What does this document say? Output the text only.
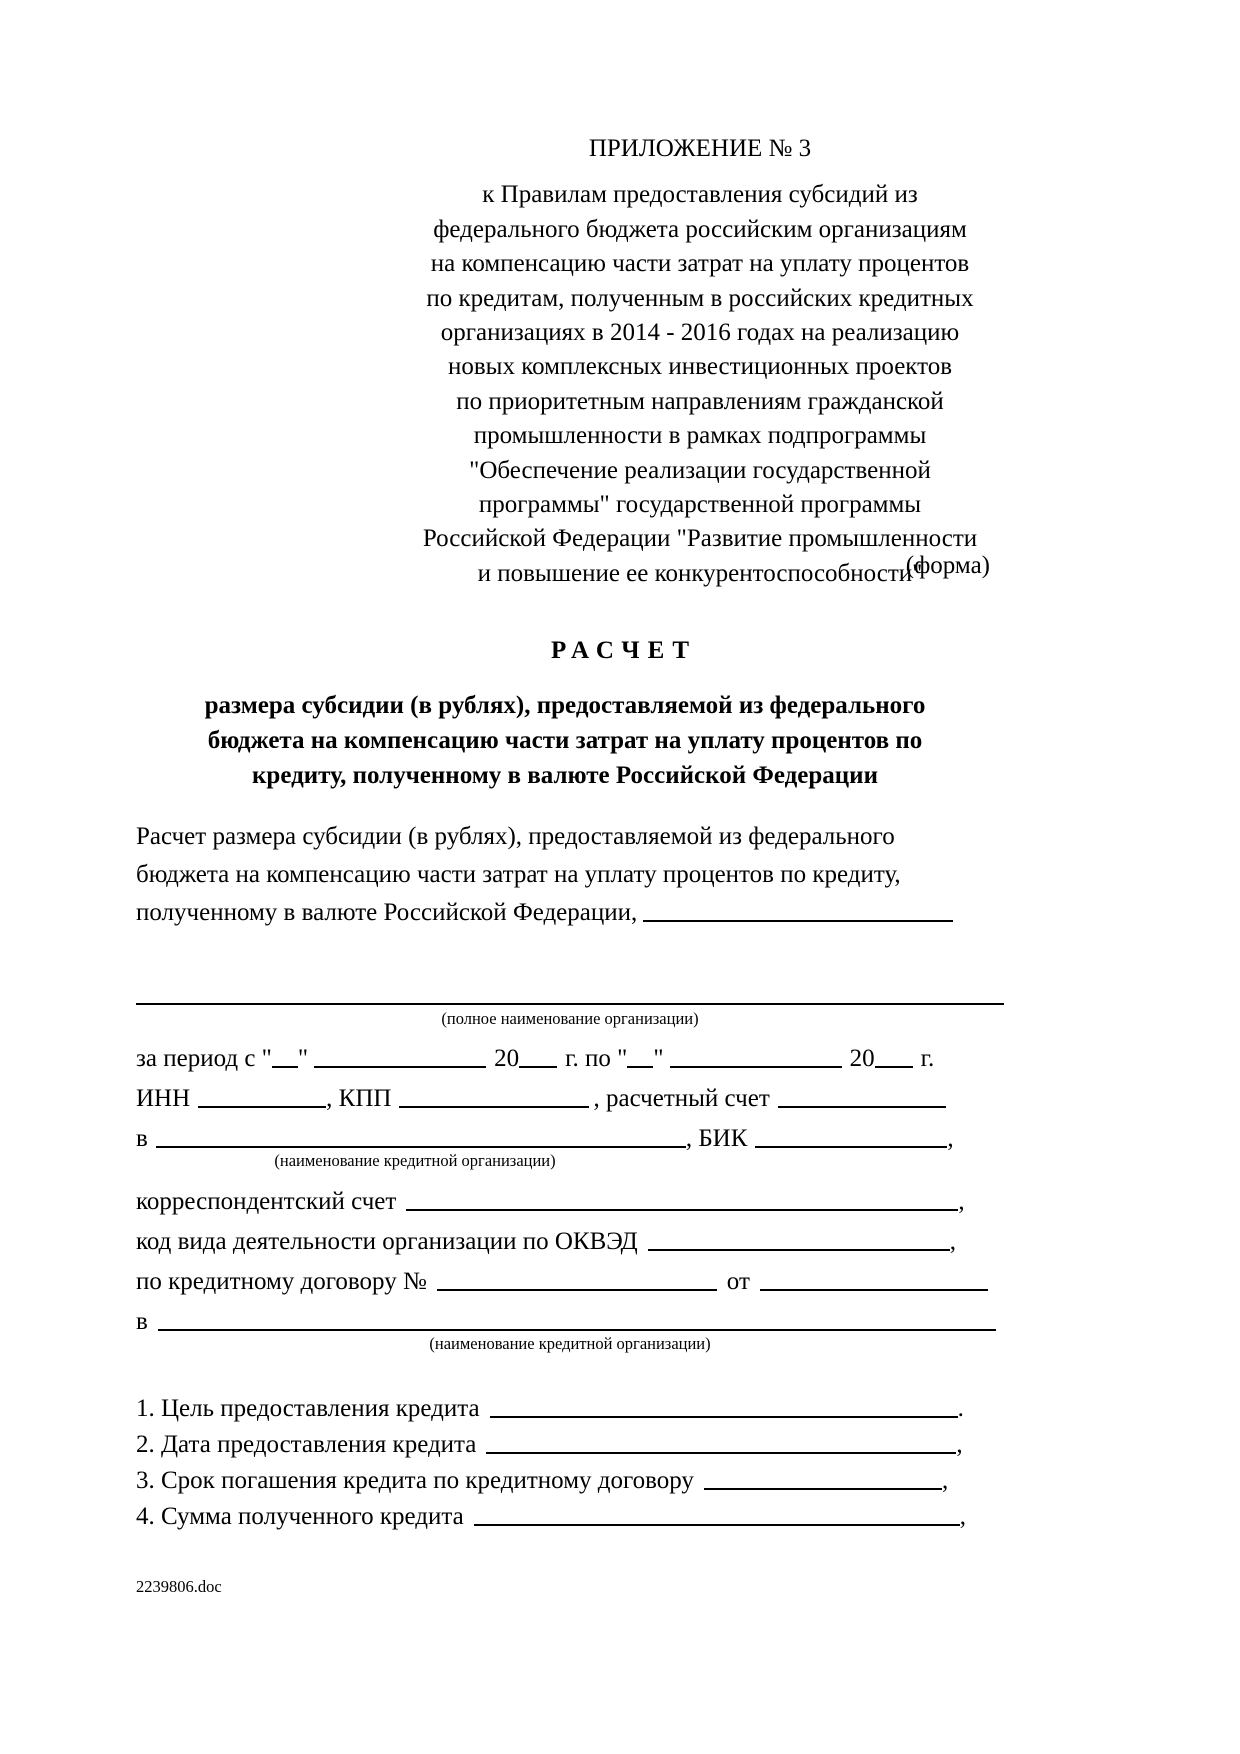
ПРИЛОЖЕНИЕ № 3
к Правилам предоставления субсидий из
федерального бюджета российским организациям
на компенсацию части затрат на уплату процентов
по кредитам, полученным в российских кредитных
организациях в 2014 - 2016 годах на реализацию
новых комплексных инвестиционных проектов
по приоритетным направлениям гражданской
промышленности в рамках подпрограммы
"Обеспечение реализации государственной
программы" государственной программы
Российской Федерации "Развитие промышленности
и повышение ее конкурентоспособности"
(форма)
РАСЧЕТ
размера субсидии (в рублях), предоставляемой из федерального
бюджета на компенсацию части затрат на уплату процентов по
кредиту, полученному в валюте Российской Федерации
Расчет размера субсидии (в рублях), предоставляемой из федерального
бюджета на компенсацию части затрат на уплату процентов по кредиту,
полученному в валюте Российской Федерации,
(полное наименование организации)
за период с " "	20 г. по " "	20 г.
ИНН	, КПП	, расчетный счет
в	, БИК	,
(наименование кредитной организации)
корреспондентский счет	,
код вида деятельности организации по ОКВЭД	,
по кредитному договору №	от
в
(наименование кредитной организации)
1. Цель предоставления кредита	.
2. Дата предоставления кредита	,
3. Срок погашения кредита по кредитному договору	,
4. Сумма полученного кредита	,
2239806.doc
